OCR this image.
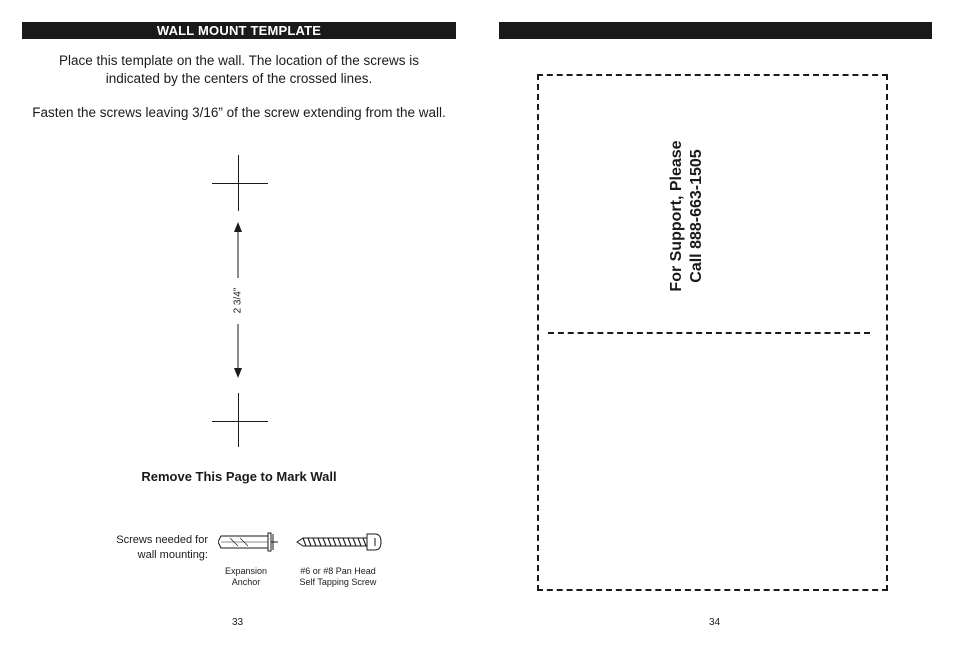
WALL MOUNT TEMPLATE
Place this template on the wall. The location of the screws is indicated by the centers of the crossed lines.
Fasten the screws leaving 3/16” of the screw extending from the wall.
2 3/4"
Remove This Page to Mark Wall
Screws needed for
wall mounting:
Expansion
Anchor
#6 or #8 Pan Head
Self Tapping Screw
33
For Support, Please Call 888-663-1505
34
